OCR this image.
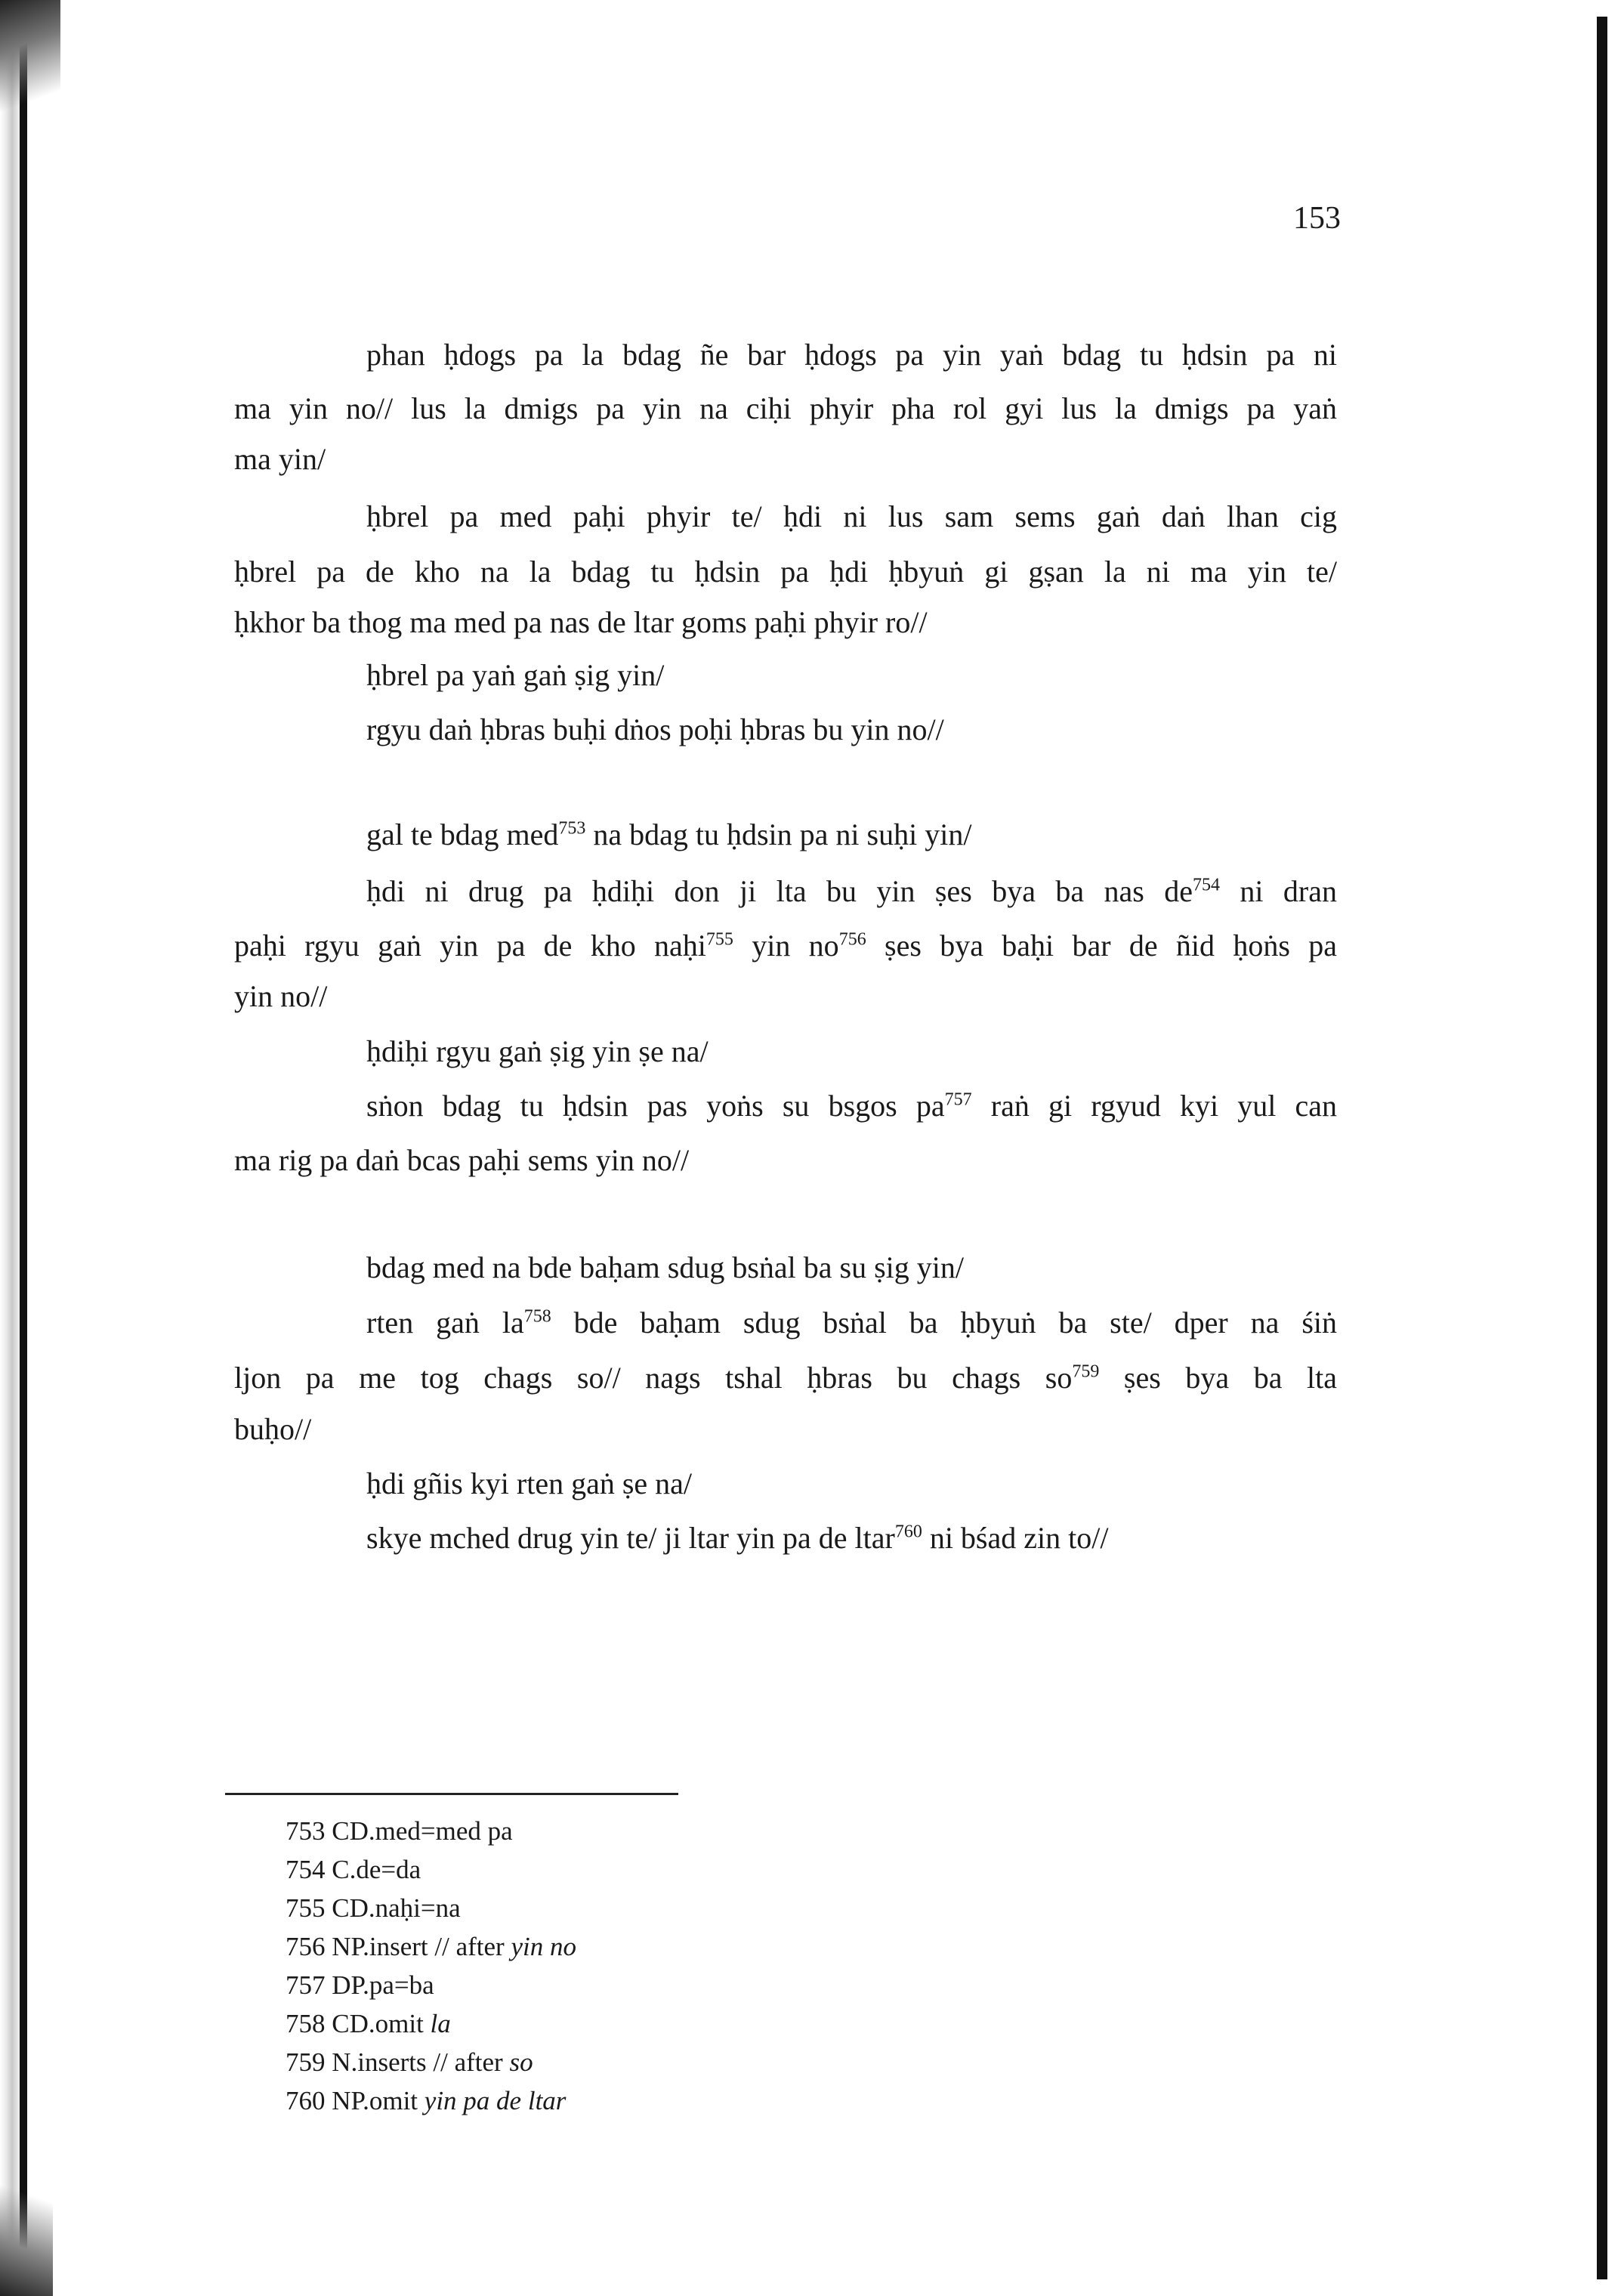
153
phan ḥdogs pa la bdag ñe bar ḥdogs pa yin yaṅ bdag tu ḥdsin pa ni
ma yin no// lus la dmigs pa yin na ciḥi phyir pha rol gyi lus la dmigs pa yaṅ
ma yin/
ḥbrel pa med paḥi phyir te/ ḥdi ni lus sam sems gaṅ daṅ lhan cig
ḥbrel pa de kho na la bdag tu ḥdsin pa ḥdi ḥbyuṅ gi gṣan la ni ma yin te/
ḥkhor ba thog ma med pa nas de ltar goms paḥi phyir ro//
ḥbrel pa yaṅ gaṅ ṣig yin/
rgyu daṅ ḥbras buḥi dṅos poḥi ḥbras bu yin no//
gal te bdag med$^{753}$ na bdag tu ḥdsin pa ni suḥi yin/
ḥdi ni drug pa ḥdiḥi don ji lta bu yin ṣes bya ba nas $de^{754}$ ni dran
paḥi rgyu gaṅ yin pa de kho naḥi$^{755}$ yin $no^{756}$ ṣes bya baḥi bar de ñid ḥoṅs pa
yin no//
ḥdiḥi rgyu gaṅ ṣig yin ṣe na/
sṅon bdag tu ḥdsin pas yoṅs su bsgos $pa^{757}$ raṅ gi rgyud kyi yul can
ma rig pa daṅ bcas paḥi sems yin no//
bdag med na bde baḥam sdug bsṅal ba su ṣig yin/
rten gaṅ $la^{758}$ bde baḥam sdug bsṅal ba ḥbyuṅ ba ste/ dper na śiṅ
ljon pa me tog chags so// nags tshal ḥbras bu chags $so^{759}$ ṣes bya ba lta
buḥo//
ḥdi gñis kyi rten gaṅ ṣe na/
skye mched drug yin te/ ji ltar yin pa de ltar$^{760}$ ni bśad zin to//
753 CD.med=med pa
754 C.de=da
755 CD.naḥi=na
756 NP.insert // after yin no
757 DP.pa=ba
758 CD.omit la
759 N.inserts // after so
760 NP.omit yin pa de ltar
